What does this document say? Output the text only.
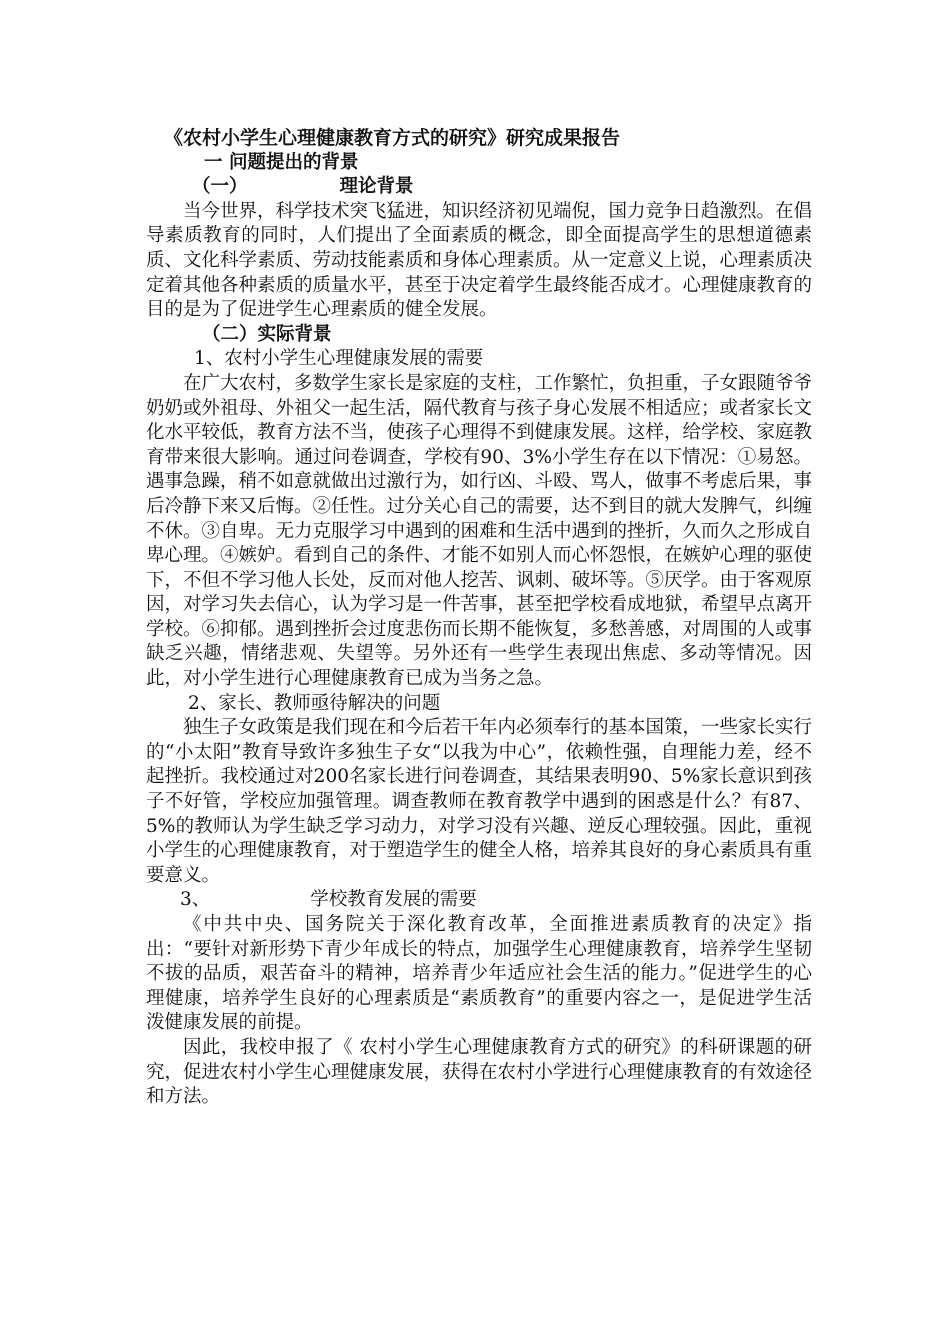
《农村小学生心理健康教育方式的研究》研究成果报告
一 问题提出的背景
（一）	理论背景

当今世界，科学技术突飞猛进，知识经济初见端倪，国力竞争日趋激烈。在倡导素质教育的同时，人们提出了全面素质的概念，即全面提高学生的思想道德素质、文化科学素质、劳动技能素质和身体心理素质。从一定意义上说，心理素质决定着其他各种素质的质量水平，甚至于决定着学生最终能否成才。心理健康教育的目的是为了促进学生心理素质的健全发展。

（二）实际背景
1、农村小学生心理健康发展的需要

在广大农村，多数学生家长是家庭的支柱，工作繁忙，负担重，子女跟随爷爷奶奶或外祖母、外祖父一起生活，隔代教育与孩子身心发展不相适应；或者家长文化水平较低，教育方法不当，使孩子心理得不到健康发展。这样，给学校、家庭教育带来很大影响。通过问卷调查，学校有90、3%小学生存在以下情况：①易怒。遇事急躁，稍不如意就做出过激行为，如行凶、斗殴、骂人，做事不考虑后果，事后冷静下来又后悔。②任性。过分关心自己的需要，达不到目的就大发脾气，纠缠不休。③自卑。无力克服学习中遇到的困难和生活中遇到的挫折，久而久之形成自卑心理。④嫉妒。看到自己的条件、才能不如别人而心怀怨恨，在嫉妒心理的驱使下，不但不学习他人长处，反而对他人挖苦、讽刺、破坏等。⑤厌学。由于客观原因，对学习失去信心，认为学习是一件苦事，甚至把学校看成地狱，希望早点离开学校。⑥抑郁。遇到挫折会过度悲伤而长期不能恢复，多愁善感，对周围的人或事缺乏兴趣，情绪悲观、失望等。另外还有一些学生表现出焦虑、多动等情况。因此，对小学生进行心理健康教育已成为当务之急。

2、家长、教师亟待解决的问题

独生子女政策是我们现在和今后若干年内必须奉行的基本国策，一些家长实行的“小太阳”教育导致许多独生子女“以我为中心”，依赖性强，自理能力差，经不起挫折。我校通过对200名家长进行问卷调查，其结果表明90、5%家长意识到孩子不好管，学校应加强管理。调查教师在教育教学中遇到的困惑是什么？有87、5%的教师认为学生缺乏学习动力，对学习没有兴趣、逆反心理较强。因此，重视小学生的心理健康教育，对于塑造学生的健全人格，培养其良好的身心素质具有重要意义。

3、	学校教育发展的需要

《中共中央、国务院关于深化教育改革，全面推进素质教育的决定》指出：“要针对新形势下青少年成长的特点，加强学生心理健康教育，培养学生坚韧不拔的品质，艰苦奋斗的精神，培养青少年适应社会生活的能力。”促进学生的心理健康，培养学生良好的心理素质是“素质教育”的重要内容之一，是促进学生活泼健康发展的前提。

因此，我校申报了《 农村小学生心理健康教育方式的研究》的科研课题的研究，促进农村小学生心理健康发展，获得在农村小学进行心理健康教育的有效途径和方法。
